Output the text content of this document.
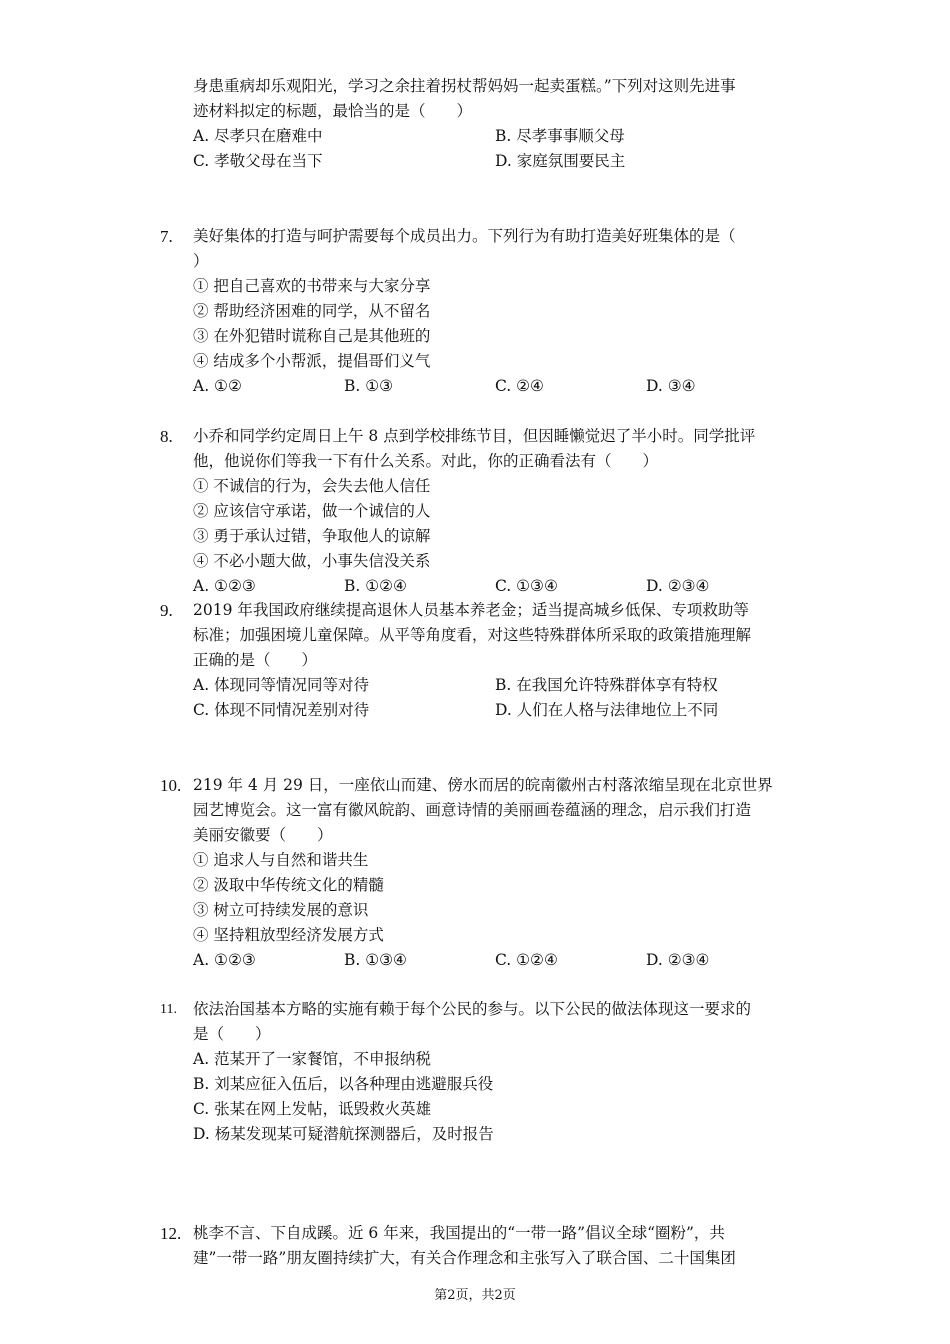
身患重病却乐观阳光，学习之余拄着拐杖帮妈妈一起卖蛋糕。”下列对这则先进事
迹材料拟定的标题，最恰当的是（　　）
A. 尽孝只在磨难中	B. 尽孝事事顺父母
C. 孝敬父母在当下	D. 家庭氛围要民主
7. 美好集体的打造与呵护需要每个成员出力。下列行为有助打造美好班集体的是（
）
① 把自己喜欢的书带来与大家分享
② 帮助经济困难的同学，从不留名
③ 在外犯错时谎称自己是其他班的
④ 结成多个小帮派，提倡哥们义气
A. ①②	B. ①③	C. ②④	D. ③④
8. 小乔和同学约定周日上午 8 点到学校排练节目，但因睡懒觉迟了半小时。同学批评
他，他说你们等我一下有什么关系。对此，你的正确看法有（　　）
① 不诚信的行为，会失去他人信任
② 应该信守承诺，做一个诚信的人
③ 勇于承认过错，争取他人的谅解
④ 不必小题大做，小事失信没关系
A. ①②③	B. ①②④	C. ①③④	D. ②③④
9. 2019 年我国政府继续提高退休人员基本养老金；适当提高城乡低保、专项救助等
标准；加强困境儿童保障。从平等角度看，对这些特殊群体所采取的政策措施理解
正确的是（　　）
A. 体现同等情况同等对待	B. 在我国允许特殊群体享有特权
C. 体现不同情况差别对待	D. 人们在人格与法律地位上不同
10. 219 年 4 月 29 日，一座依山而建、傍水而居的皖南徽州古村落浓缩呈现在北京世界
园艺博览会。这一富有徽风皖韵、画意诗情的美丽画卷蕴涵的理念，启示我们打造
美丽安徽要（　　）
① 追求人与自然和谐共生
② 汲取中华传统文化的精髓
③ 树立可持续发展的意识
④ 坚持粗放型经济发展方式
A. ①②③	B. ①③④	C. ①②④	D. ②③④
11. 依法治国基本方略的实施有赖于每个公民的参与。以下公民的做法体现这一要求的
是（　　）
A. 范某开了一家餐馆，不申报纳税
B. 刘某应征入伍后，以各种理由逃避服兵役
C. 张某在网上发帖，诋毁救火英雄
D. 杨某发现某可疑潜航探测器后，及时报告
12. 桃李不言、下自成蹊。近 6 年来，我国提出的“一带一路”倡议全球“圈粉”，共
建”一带一路”朋友圈持续扩大，有关合作理念和主张写入了联合国、二十国集团
第2页，共2页
